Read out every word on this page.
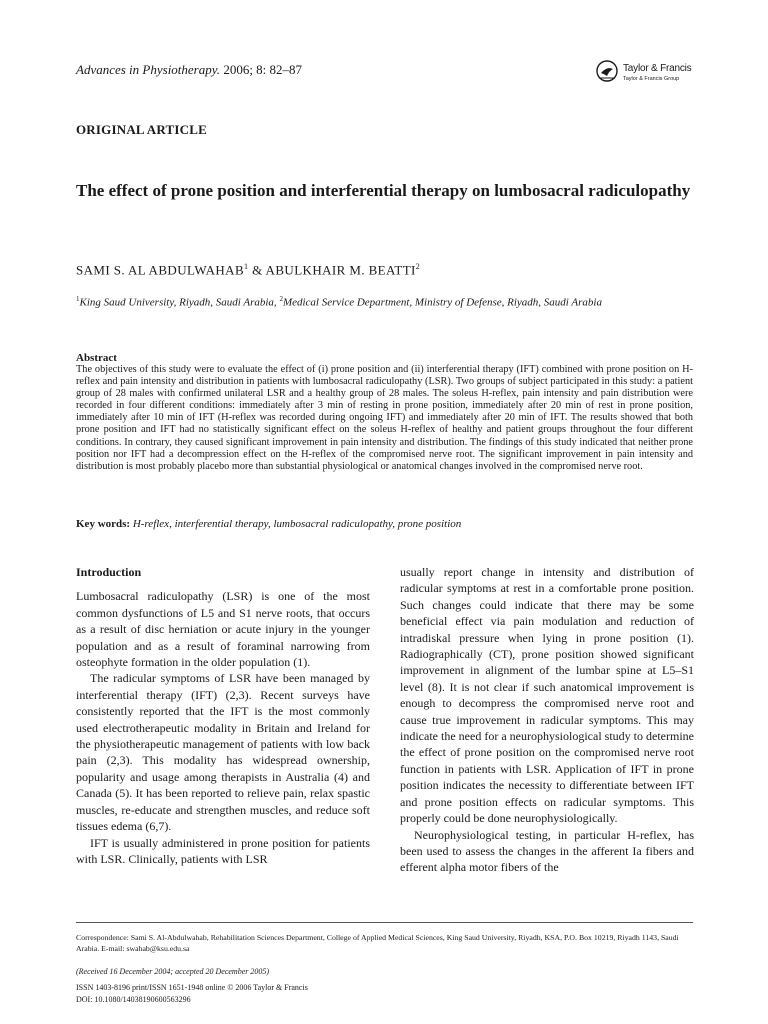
Advances in Physiotherapy. 2006; 8: 82–87	Taylor & Francis
Taylor & Francis Group
ORIGINAL ARTICLE
The effect of prone position and interferential therapy on lumbosacral radiculopathy
SAMI S. AL ABDULWAHAB$^1$ & ABULKHAIR M. BEATTI$^2$
$^1$King Saud University, Riyadh, Saudi Arabia, $^2$Medical Service Department, Ministry of Defense, Riyadh, Saudi Arabia
Abstract

The objectives of this study were to evaluate the effect of (i) prone position and (ii) interferential therapy (IFT) combined with prone position on H-reflex and pain intensity and distribution in patients with lumbosacral radiculopathy (LSR). Two groups of subject participated in this study: a patient group of 28 males with confirmed unilateral LSR and a healthy group of 28 males. The soleus H-reflex, pain intensity and pain distribution were recorded in four different conditions: immediately after 3 min of resting in prone position, immediately after 20 min of rest in prone position, immediately after 10 min of IFT (H-reflex was recorded during ongoing IFT) and immediately after 20 min of IFT. The results showed that both prone position and IFT had no statistically significant effect on the soleus H-reflex of healthy and patient groups throughout the four different conditions. In contrary, they caused significant improvement in pain intensity and distribution. The findings of this study indicated that neither prone position nor IFT had a decompression effect on the H-reflex of the compromised nerve root. The significant improvement in pain intensity and distribution is most probably placebo more than substantial physiological or anatomical changes involved in the compromised nerve root.

Key words: H-reflex, interferential therapy, lumbosacral radiculopathy, prone position
Introduction

Lumbosacral radiculopathy (LSR) is one of the most common dysfunctions of L5 and S1 nerve roots, that occurs as a result of disc herniation or acute injury in the younger population and as a result of foraminal narrowing from osteophyte formation in the older population (1).

The radicular symptoms of LSR have been managed by interferential therapy (IFT) (2,3). Recent surveys have consistently reported that the IFT is the most commonly used electrotherapeutic modality in Britain and Ireland for the physiotherapeutic management of patients with low back pain (2,3). This modality has widespread ownership, popularity and usage among therapists in Australia (4) and Canada (5). It has been reported to relieve pain, relax spastic muscles, re-educate and strengthen muscles, and reduce soft tissues edema (6,7).

IFT is usually administered in prone position for patients with LSR. Clinically, patients with LSR

usually report change in intensity and distribution of radicular symptoms at rest in a comfortable prone position. Such changes could indicate that there may be some beneficial effect via pain modulation and reduction of intradiskal pressure when lying in prone position (1). Radiographically (CT), prone position showed significant improvement in alignment of the lumbar spine at L5–S1 level (8). It is not clear if such anatomical improvement is enough to decompress the compromised nerve root and cause true improvement in radicular symptoms. This may indicate the need for a neurophysiological study to determine the effect of prone position on the compromised nerve root function in patients with LSR. Application of IFT in prone position indicates the necessity to differentiate between IFT and prone position effects on radicular symptoms. This properly could be done neurophysiologically.

Neurophysiological testing, in particular H-reflex, has been used to assess the changes in the afferent Ia fibers and efferent alpha motor fibers of the

Correspondence: Sami S. Al-Abdulwahab, Rehabilitation Sciences Department, College of Applied Medical Sciences, King Saud University, Riyadh, KSA, P.O. Box 10219, Riyadh 1143, Saudi Arabia. E-mail: swahab@ksu.edu.sa
(Received 16 December 2004; accepted 20 December 2005)
ISSN 1403-8196 print/ISSN 1651-1948 online © 2006 Taylor & Francis
DOI: 10.1080/14038190600563296
